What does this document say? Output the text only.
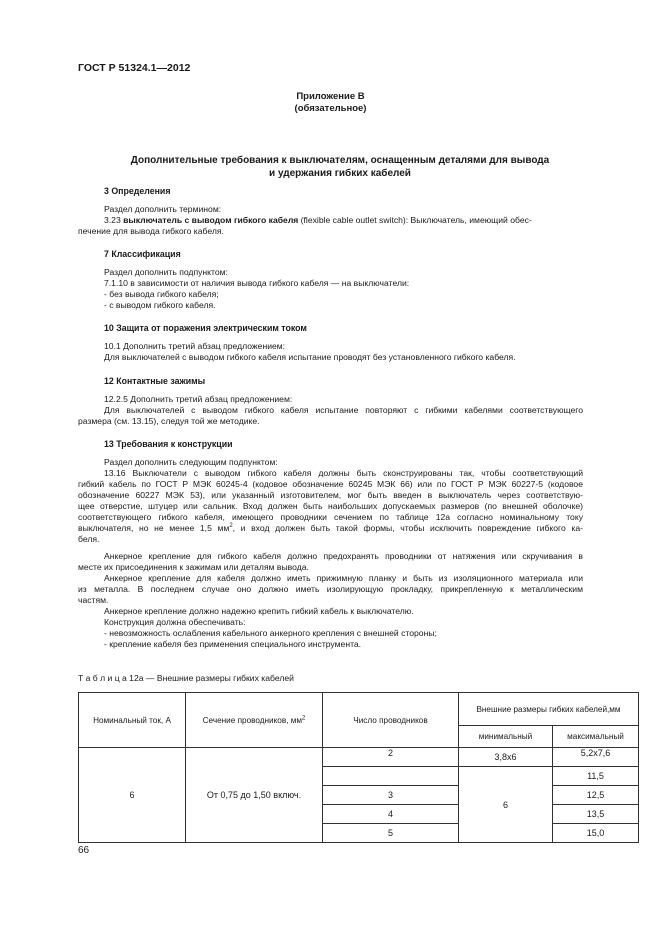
ГОСТ Р 51324.1—2012
Приложение В
(обязательное)
Дополнительные требования к выключателям, оснащенным деталями для вывода
и удержания гибких кабелей
3 Определения
Раздел дополнить термином:
3.23 выключатель с выводом гибкого кабеля (flexible cable outlet switch): Выключатель, имеющий обес-
печение для вывода гибкого кабеля.
7 Классификация
Раздел дополнить подпунктом:
7.1.10 в зависимости от наличия вывода гибкого кабеля — на выключатели:
- без вывода гибкого кабеля;
- с выводом гибкого кабеля.
10 Защита от поражения электрическим током
10.1 Дополнить третий абзац предложением:
Для выключателей с выводом гибкого кабеля испытание проводят без установленного гибкого кабеля.
12 Контактные зажимы
12.2.5 Дополнить третий абзац предложением:
Для выключателей с выводом гибкого кабеля испытание повторяют с гибкими кабелями соответствующего
размера (см. 13.15), следуя той же методике.
13 Требования к конструкции
Раздел дополнить следующим подпунктом:
13.16 Выключатели с выводом гибкого кабеля должны быть сконструированы так, чтобы соответствующий
гибкий кабель по ГОСТ Р МЭК 60245-4 (кодовое обозначение 60245 МЭК 66) или по ГОСТ Р МЭК 60227-5 (кодовое
обозначение 60227 МЭК 53), или указанный изготовителем, мог быть введен в выключатель через соответствую-
щее отверстие, штуцер или сальник. Вход должен быть наибольших допускаемых размеров (по внешней оболочке)
соответствующего гибкого кабеля, имеющего проводники сечением по таблице 12а согласно номинальному току
выключателя, но не менее 1,5 $мм^2$, и вход должен быть такой формы, чтобы исключить повреждение гибкого ка-
беля.
Анкерное крепление для гибкого кабеля должно предохранять проводники от натяжения или скручивания в
месте их присоединения к зажимам или деталям вывода.
Анкерное крепление для кабеля должно иметь прижимную планку и быть из изоляционного материала или
из металла. В последнем случае оно должно иметь изолирующую прокладку, прикрепленную к металлическим
частям.
Анкерное крепление должно надежно крепить гибкий кабель к выключателю.
Конструкция должна обеспечивать:
- невозможность ослабления кабельного анкерного крепления с внешней стороны;
- крепление кабеля без применения специального инструмента.
Т а б л и ц а 12а — Внешние размеры гибких кабелей
Номинальный ток, А	Сечение проводников, $мм^2$	Число проводников	Внешние размеры гибких кабелей,мм	
			минимальный	максимальный
6	От 0,75 до 1,50 включ.	2	3,8х6	5,2х7,6
			6	11,5
		3		12,5
		4		13,5
		5		15,0
66
